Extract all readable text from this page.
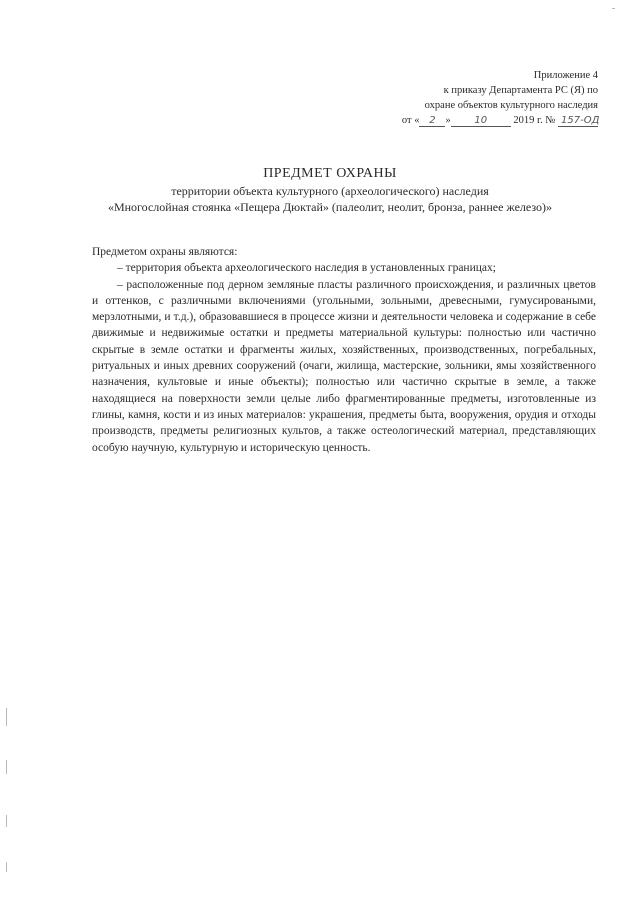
Приложение 4
к приказу Департамента РС (Я) по
охране объектов культурного наследия
от « 2 » 10	2019 г. № 157-ОД
ПРЕДМЕТ ОХРАНЫ
территории объекта культурного (археологического) наследия
«Многослойная стоянка «Пещера Дюктай» (палеолит, неолит, бронза, раннее железо)»

Предметом охраны являются:

– территория объекта археологического наследия в установленных границах;

– расположенные под дерном земляные пласты различного происхождения, и различных цветов и оттенков, с различными включениями (угольными, зольными, древесными, гумусироваными, мерзлотными, и т.д.), образовавшиеся в процессе жизни и деятельности человека и содержание в себе движимые и недвижимые остатки и предметы материальной культуры: полностью или частично скрытые в земле остатки и фрагменты жилых, хозяйственных, производственных, погребальных, ритуальных и иных древних сооружений (очаги, жилища, мастерские, зольники, ямы хозяйственного назначения, культовые и иные объекты); полностью или частично скрытые в земле, а также находящиеся на поверхности земли целые либо фрагментированные предметы, изготовленные из глины, камня, кости и из иных материалов: украшения, предметы быта, вооружения, орудия и отходы производств, предметы религиозных культов, а также остеологический материал, представляющих особую научную, культурную и историческую ценность.
